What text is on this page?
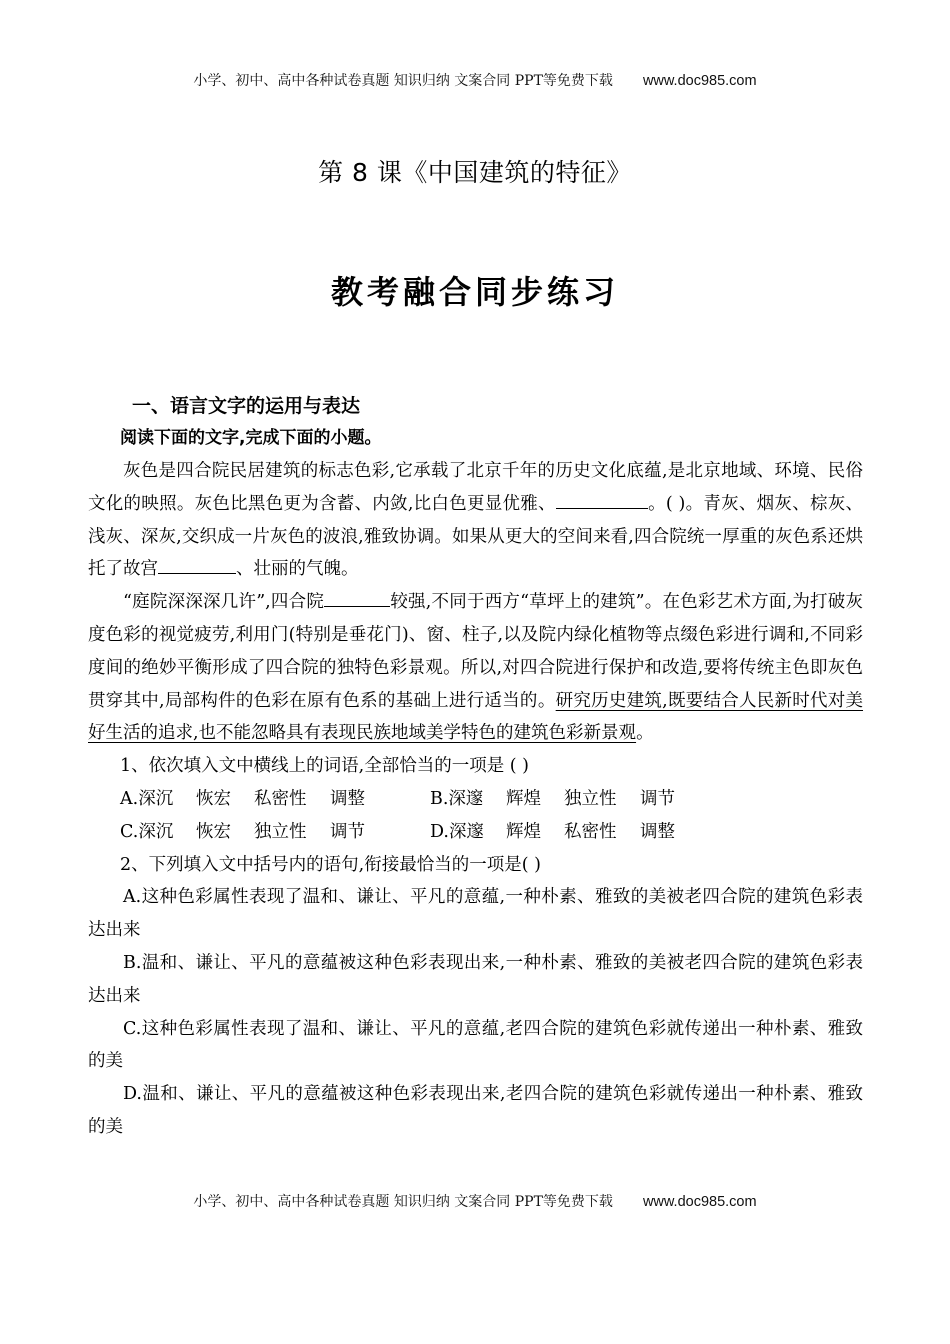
小学、初中、高中各种试卷真题 知识归纳 文案合同 PPT等免费下载 www.doc985.com
第 8 课《中国建筑的特征》
教考融合同步练习
一、语言文字的运用与表达
阅读下面的文字,完成下面的小题。

灰色是四合院民居建筑的标志色彩,它承载了北京千年的历史文化底蕴,是北京地域、环境、民俗文化的映照。灰色比黑色更为含蓄、内敛,比白色更显优雅、	。( )。青灰、烟灰、棕灰、浅灰、深灰,交织成一片灰色的波浪,雅致协调。如果从更大的空间来看,四合院统一厚重的灰色系还烘托了故宫	、壮丽的气魄。

“庭院深深深几许”,四合院	较强,不同于西方“草坪上的建筑”。在色彩艺术方面,为打破灰度色彩的视觉疲劳,利用门(特别是垂花门)、窗、柱子,以及院内绿化植物等点缀色彩进行调和,不同彩度间的绝妙平衡形成了四合院的独特色彩景观。所以,对四合院进行保护和改造,要将传统主色即灰色贯穿其中,局部构件的色彩在原有色系的基础上进行适当的。研究历史建筑,既要结合人民新时代对美好生活的追求,也不能忽略具有表现民族地域美学特色的建筑色彩新景观。

1、依次填入文中横线上的词语,全部恰当的一项是 ( )

A.深沉 恢宏 私密性 调整	B.深邃 辉煌 独立性 调节

C.深沉 恢宏 独立性 调节	D.深邃 辉煌 私密性 调整

2、下列填入文中括号内的语句,衔接最恰当的一项是( )

A.这种色彩属性表现了温和、谦让、平凡的意蕴,一种朴素、雅致的美被老四合院的建筑色彩表达出来

B.温和、谦让、平凡的意蕴被这种色彩表现出来,一种朴素、雅致的美被老四合院的建筑色彩表达出来

C.这种色彩属性表现了温和、谦让、平凡的意蕴,老四合院的建筑色彩就传递出一种朴素、雅致的美

D.温和、谦让、平凡的意蕴被这种色彩表现出来,老四合院的建筑色彩就传递出一种朴素、雅致的美

小学、初中、高中各种试卷真题 知识归纳 文案合同 PPT等免费下载 www.doc985.com
